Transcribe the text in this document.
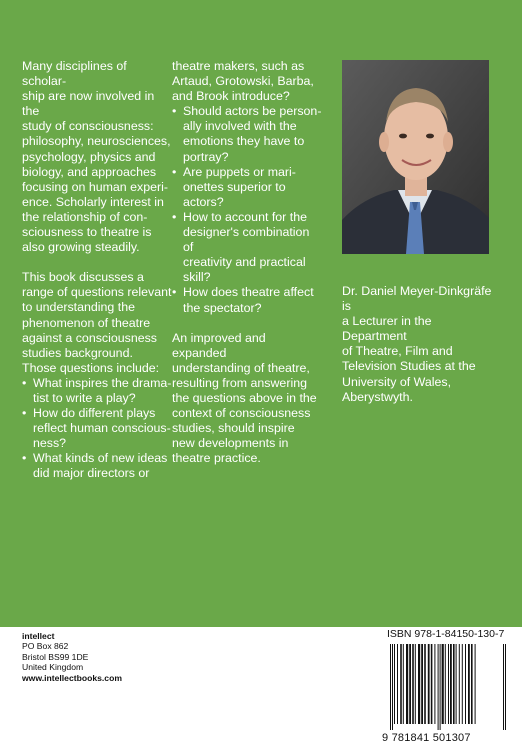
Many disciplines of scholar-

ship are now involved in the

study of consciousness:

philosophy, neurosciences,

psychology, physics and

biology, and approaches

focusing on human experi-

ence. Scholarly interest in

the relationship of con-

sciousness to theatre is

also growing steadily.

This book discusses a

range of questions relevant

to understanding the

phenomenon of theatre

against a consciousness

studies background.

Those questions include:

• What inspires the drama-

tist to write a play?

• How do different plays

reflect human conscious-

ness?

• What kinds of new ideas

did major directors or

theatre makers, such as

Artaud, Grotowski, Barba,

and Brook introduce?

• Should actors be person-

ally involved with the

emotions they have to

portray?

• Are puppets or mari-

onettes superior to

actors?

• How to account for the

designer's combination of

creativity and practical

skill?

• How does theatre affect

the spectator?

An improved and expanded

understanding of theatre,

resulting from answering

the questions above in the

context of consciousness

studies, should inspire

new developments in

theatre practice.

Dr. Daniel Meyer-Dinkgräfe is

a Lecturer in the Department

of Theatre, Film and

Television Studies at the

University of Wales,

Aberystwyth.

intellect
PO Box 862
Bristol BS99 1DE
United Kingdom
www.intellectbooks.com
ISBN 978-1-84150-130-7
9 781841 501307
